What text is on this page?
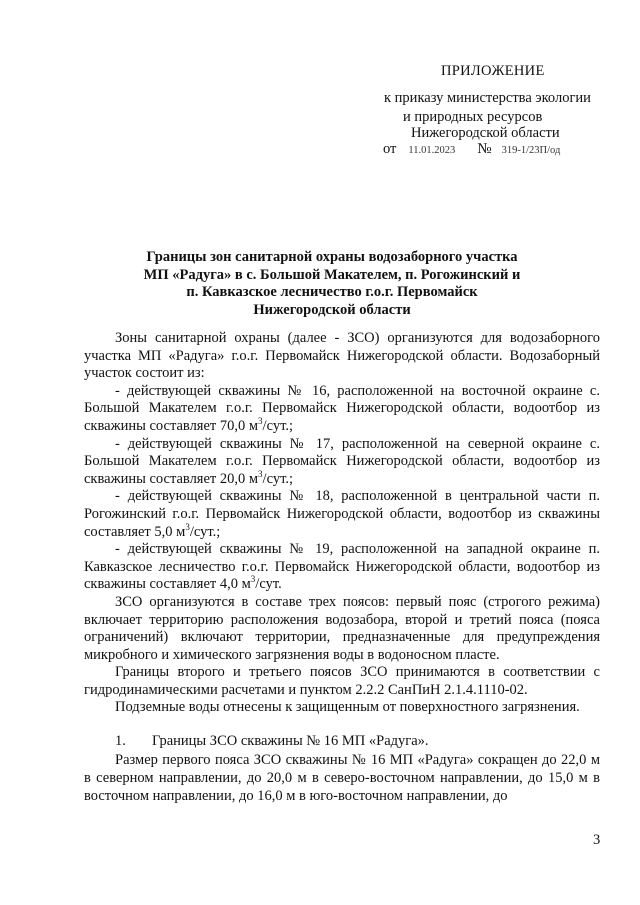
ПРИЛОЖЕНИЕ
к приказу министерства экологии
и природных ресурсов
Нижегородской области
от 11.01.2023 № 319-1/23П/од
Границы зон санитарной охраны водозаборного участка
МП «Радуга» в с. Большой Макателем, п. Рогожинский и
п. Кавказское лесничество г.о.г. Первомайск
Нижегородской области

Зоны санитарной охраны (далее - ЗСО) организуются для водозаборного участка МП «Радуга» г.о.г. Первомайск Нижегородской области. Водозаборный участок состоит из:

- действующей скважины № 16, расположенной на восточной окраине с. Большой Макателем г.о.г. Первомайск Нижегородской области, водоотбор из скважины составляет 70,0 $м^3$/сут.;

- действующей скважины № 17, расположенной на северной окраине с. Большой Макателем г.о.г. Первомайск Нижегородской области, водоотбор из скважины составляет 20,0 $м^3$/сут.;

- действующей скважины № 18, расположенной в центральной части п. Рогожинский г.о.г. Первомайск Нижегородской области, водоотбор из скважины составляет 5,0 $м^3$/сут.;

- действующей скважины № 19, расположенной на западной окраине п. Кавказское лесничество г.о.г. Первомайск Нижегородской области, водоотбор из скважины составляет 4,0 $м^3$/сут.

ЗСО организуются в составе трех поясов: первый пояс (строгого режима) включает территорию расположения водозабора, второй и третий пояса (пояса ограничений) включают территории, предназначенные для предупреждения микробного и химического загрязнения воды в водоносном пласте.

Границы второго и третьего поясов ЗСО принимаются в соответствии с гидродинамическими расчетами и пунктом 2.2.2 СанПиН 2.1.4.1110-02.

Подземные воды отнесены к защищенным от поверхностного загрязнения.

1. Границы ЗСО скважины № 16 МП «Радуга».

Размер первого пояса ЗСО скважины № 16 МП «Радуга» сокращен до 22,0 м в северном направлении, до 20,0 м в северо-восточном направлении, до 15,0 м в восточном направлении, до 16,0 м в юго-восточном направлении, до

3
